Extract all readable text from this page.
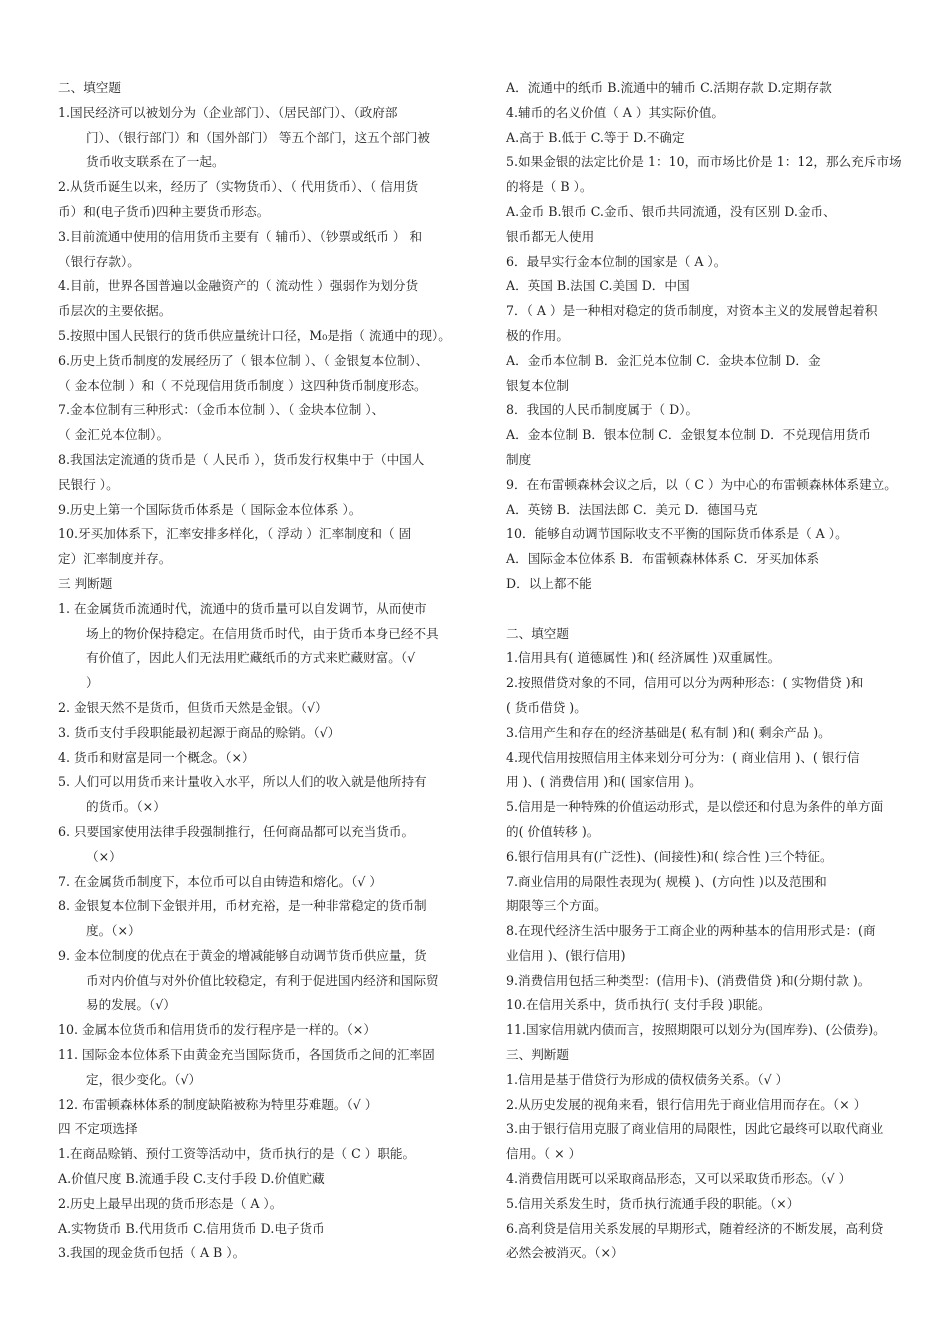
二、填空题
1.国民经济可以被划分为（企业部门）、（居民部门）、（政府部
门）、（银行部门）和（国外部门） 等五个部门，这五个部门被
货币收支联系在了一起。
2.从货币诞生以来，经历了（实物货币）、（ 代用货币）、（ 信用货
币）和(电子货币)四种主要货币形态。
3.目前流通中使用的信用货币主要有（ 辅币）、（钞票或纸币 ） 和
（银行存款）。
4.目前，世界各国普遍以金融资产的（ 流动性 ）强弱作为划分货
币层次的主要依据。
5.按照中国人民银行的货币供应量统计口径，M₀是指（ 流通中的现）。
6.历史上货币制度的发展经历了（ 银本位制 ）、（ 金银复本位制）、
（ 金本位制 ）和（ 不兑现信用货币制度 ）这四种货币制度形态。
7.金本位制有三种形式：（金币本位制 ）、（ 金块本位制 ）、
（ 金汇兑本位制）。
8.我国法定流通的货币是（ 人民币 ），货币发行权集中于（中国人
民银行 ）。
9.历史上第一个国际货币体系是（ 国际金本位体系 ）。
10.牙买加体系下，汇率安排多样化，（ 浮动 ）汇率制度和（ 固
定）汇率制度并存。
三 判断题
1. 在金属货币流通时代，流通中的货币量可以自发调节，从而使市
场上的物价保持稳定。在信用货币时代，由于货币本身已经不具
有价值了，因此人们无法用贮藏纸币的方式来贮藏财富。（√
）
2. 金银天然不是货币，但货币天然是金银。（√）
3. 货币支付手段职能最初起源于商品的赊销。（√）
4. 货币和财富是同一个概念。（×）
5. 人们可以用货币来计量收入水平，所以人们的收入就是他所持有
的货币。（×）
6. 只要国家使用法律手段强制推行，任何商品都可以充当货币。
（×）
7. 在金属货币制度下，本位币可以自由铸造和熔化。（√ ）
8. 金银复本位制下金银并用，币材充裕，是一种非常稳定的货币制
度。（×）
9. 金本位制度的优点在于黄金的增减能够自动调节货币供应量，货
币对内价值与对外价值比较稳定，有利于促进国内经济和国际贸
易的发展。（√）
10. 金属本位货币和信用货币的发行程序是一样的。（×）
11. 国际金本位体系下由黄金充当国际货币，各国货币之间的汇率固
定，很少变化。（√）
12. 布雷顿森林体系的制度缺陷被称为特里芬难题。（√ ）
四 不定项选择
1.在商品赊销、预付工资等活动中，货币执行的是（ C ）职能。
A.价值尺度 B.流通手段 C.支付手段 D.价值贮藏
2.历史上最早出现的货币形态是（ A ）。
A.实物货币 B.代用货币 C.信用货币 D.电子货币
3.我国的现金货币包括（ A B ）。
A．流通中的纸币 B.流通中的辅币 C.活期存款 D.定期存款
4.辅币的名义价值（ A ）其实际价值。
A.高于 B.低于 C.等于 D.不确定
5.如果金银的法定比价是 1：10，而市场比价是 1：12，那么充斥市场
的将是（ B ）。
A.金币 B.银币 C.金币、银币共同流通，没有区别 D.金币、
银币都无人使用
6．最早实行金本位制的国家是（ A ）。
A．英国 B.法国 C.美国 D．中国
7．（ A ）是一种相对稳定的货币制度，对资本主义的发展曾起着积
极的作用。
A．金币本位制 B．金汇兑本位制 C．金块本位制 D．金
银复本位制
8．我国的人民币制度属于（ D）。
A．金本位制 B．银本位制 C．金银复本位制 D．不兑现信用货币
制度
9．在布雷顿森林会议之后，以（ C ）为中心的布雷顿森林体系建立。
A．英镑 B．法国法郎 C．美元 D．德国马克
10．能够自动调节国际收支不平衡的国际货币体系是（ A ）。
A．国际金本位体系 B．布雷顿森林体系 C．牙买加体系
D．以上都不能
二、填空题
1.信用具有( 道德属性 )和( 经济属性 )双重属性。
2.按照借贷对象的不同，信用可以分为两种形态：( 实物借贷 )和
( 货币借贷 )。
3.信用产生和存在的经济基础是( 私有制 )和( 剩余产品 )。
4.现代信用按照信用主体来划分可分为：( 商业信用 )、( 银行信
用 )、( 消费信用 )和( 国家信用 )。
5.信用是一种特殊的价值运动形式，是以偿还和付息为条件的单方面
的( 价值转移 )。
6.银行信用具有(广泛性)、(间接性)和( 综合性 )三个特征。
7.商业信用的局限性表现为( 规模 )、(方向性 )以及范围和
期限等三个方面。
8.在现代经济生活中服务于工商企业的两种基本的信用形式是：(商
业信用 )、(银行信用)
9.消费信用包括三种类型：(信用卡)、(消费借贷 )和(分期付款 )。
10.在信用关系中，货币执行( 支付手段 )职能。
11.国家信用就内债而言，按照期限可以划分为(国库券)、(公债券)。
三、判断题
1.信用是基于借贷行为形成的债权债务关系。（√ ）
2.从历史发展的视角来看，银行信用先于商业信用而存在。（× ）
3.由于银行信用克服了商业信用的局限性，因此它最终可以取代商业
信用。（ × ）
4.消费信用既可以采取商品形态，又可以采取货币形态。（√ ）
5.信用关系发生时，货币执行流通手段的职能。（×）
6.高利贷是信用关系发展的早期形式，随着经济的不断发展，高利贷
必然会被消灭。（×）
